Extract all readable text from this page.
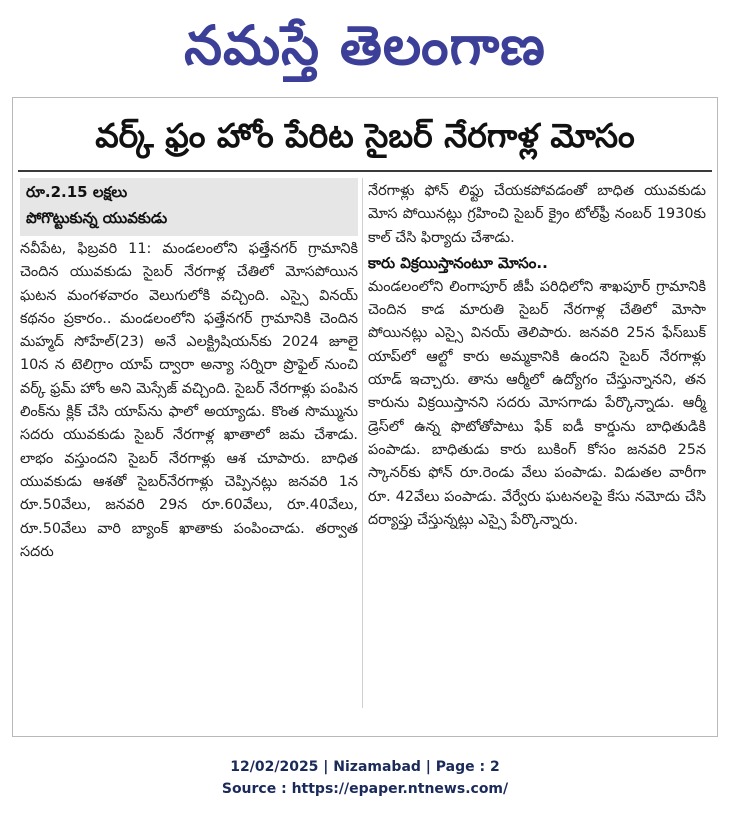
నమస్తే తెలంగాణ
వర్క్‌ ఫ్రం హోం పేరిట సైబర్‌ నేరగాళ్ల మోసం
రూ.2.15 లక్షలు
పోగొట్టుకున్న యువకుడు

నవీపేట, ఫిబ్రవరి 11: మండలంలోని ఫత్తేనగర్‌ గ్రామానికి చెందిన యువకుడు సైబర్‌ నేరగాళ్ల చేతిలో మోసపోయిన ఘటన మంగళవారం వెలుగులోకి వచ్చింది. ఎస్సై వినయ్‌ కథనం ప్రకారం.. మండలంలోని ఫత్తేనగర్‌ గ్రామానికి చెందిన మహ్మద్‌ సోహేల్‌(23) అనే ఎలక్ట్రిషియన్‌కు 2024 జూలై 10న న టెలిగ్రాం యాప్‌ ద్వారా అన్యా సర్నిరా ప్రొఫైల్‌ నుంచి వర్క్‌ ఫ్రమ్‌ హోం అని మెస్సేజ్‌ వచ్చింది. సైబర్‌ నేరగాళ్లు పంపిన లింక్‌ను క్లిక్‌ చేసి యాప్‌ను ఫాలో అయ్యాడు. కొంత సొమ్మును సదరు యువకుడు సైబర్‌ నేరగాళ్ల ఖాతాలో జమ చేశాడు. లాభం వస్తుందని సైబర్‌ నేరగాళ్లు ఆశ చూపారు. బాధిత యువకుడు ఆశతో సైబర్‌నేరగాళ్లు చెప్పినట్లు జనవరి 1న రూ.50వేలు, జనవరి 29న రూ.60వేలు, రూ.40వేలు, రూ.50వేలు వారి బ్యాంక్‌ ఖాతాకు పంపించాడు. తర్వాత సదరు

నేరగాళ్లు ఫోన్‌ లిఫ్టు చేయకపోవడంతో బాధిత యువకుడు మోస పోయినట్లు గ్రహించి సైబర్‌ క్రైం టోల్‌ఫ్రీ నంబర్‌ 1930కు కాల్‌ చేసి ఫిర్యాదు చేశాడు.

కారు విక్రయిస్తానంటూ మోసం..

మండలంలోని లింగాపూర్‌ జీపీ పరిధిలోని శాఖపూర్‌ గ్రామానికి చెందిన కాడ మారుతి సైబర్‌ నేరగాళ్ల చేతిలో మోసా పోయినట్లు ఎస్సై వినయ్‌ తెలిపారు. జనవరి 25న ఫేస్‌బుక్‌ యాప్‌లో ఆల్టో కారు అమ్మకానికి ఉందని సైబర్‌ నేరగాళ్లు యాడ్‌ ఇచ్చారు. తాను ఆర్మీలో ఉద్యోగం చేస్తున్నానని, తన కారును విక్రయిస్తానని సదరు మోసగాడు పేర్కొన్నాడు. ఆర్మీ డ్రెస్‌లో ఉన్న ఫొటోతోపాటు ఫేక్‌ ఐడీ కార్డును బాధితుడికి పంపాడు. బాధితుడు కారు బుకింగ్‌ కోసం జనవరి 25న స్కానర్‌కు ఫోన్‌ రూ.రెండు వేలు పంపాడు. విడుతల వారీగా రూ. 42వేలు పంపాడు. వేర్వేరు ఘటనలపై కేసు నమోదు చేసి దర్యాప్తు చేస్తున్నట్లు ఎస్సై పేర్కొన్నారు.

12/02/2025 | Nizamabad | Page : 2
Source : https://epaper.ntnews.com/
